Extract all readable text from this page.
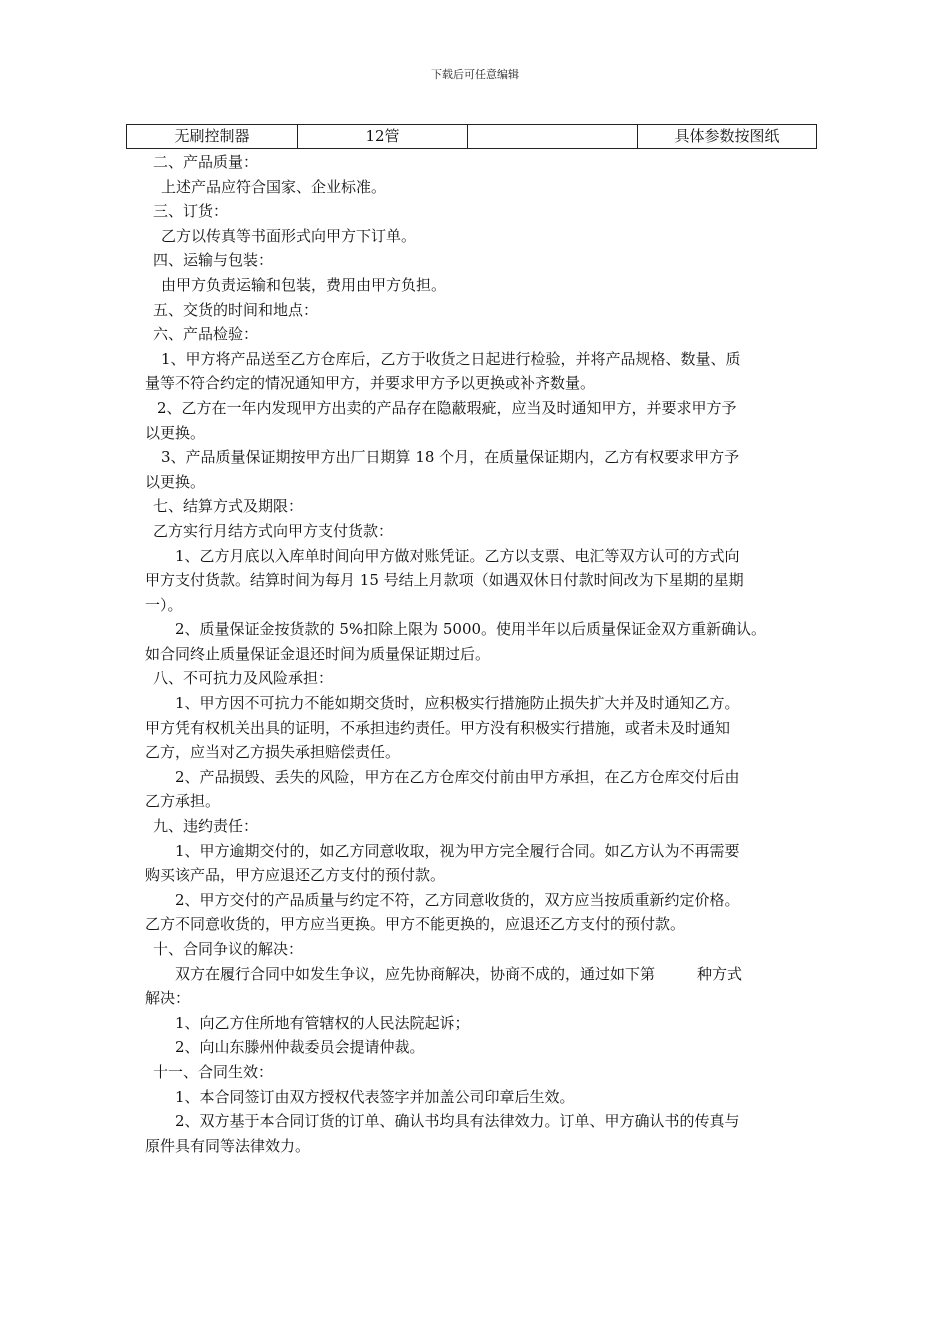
下载后可任意编辑
无刷控制器	12管		具体参数按图纸

二、产品质量：

上述产品应符合国家、企业标准。

三、订货：

乙方以传真等书面形式向甲方下订单。

四、运输与包装：

由甲方负责运输和包装，费用由甲方负担。

五、交货的时间和地点：

六、产品检验：

1、甲方将产品送至乙方仓库后，乙方于收货之日起进行检验，并将产品规格、数量、质

量等不符合约定的情况通知甲方，并要求甲方予以更换或补齐数量。

2、乙方在一年内发现甲方出卖的产品存在隐蔽瑕疵，应当及时通知甲方，并要求甲方予

以更换。

3、产品质量保证期按甲方出厂日期算 18 个月，在质量保证期内，乙方有权要求甲方予

以更换。

七、结算方式及期限：

乙方实行月结方式向甲方支付货款：

1、乙方月底以入库单时间向甲方做对账凭证。乙方以支票、电汇等双方认可的方式向

甲方支付货款。结算时间为每月 15 号结上月款项（如遇双休日付款时间改为下星期的星期

一）。

2、质量保证金按货款的 5%扣除上限为 5000。使用半年以后质量保证金双方重新确认。

如合同终止质量保证金退还时间为质量保证期过后。

八、不可抗力及风险承担：

1、甲方因不可抗力不能如期交货时，应积极实行措施防止损失扩大并及时通知乙方。

甲方凭有权机关出具的证明，不承担违约责任。甲方没有积极实行措施，或者未及时通知

乙方，应当对乙方损失承担赔偿责任。

2、产品损毁、丢失的风险，甲方在乙方仓库交付前由甲方承担，在乙方仓库交付后由

乙方承担。

九、违约责任：

1、甲方逾期交付的，如乙方同意收取，视为甲方完全履行合同。如乙方认为不再需要

购买该产品，甲方应退还乙方支付的预付款。

2、甲方交付的产品质量与约定不符，乙方同意收货的，双方应当按质重新约定价格。

乙方不同意收货的，甲方应当更换。甲方不能更换的，应退还乙方支付的预付款。

十、合同争议的解决：

双方在履行合同中如发生争议，应先协商解决，协商不成的，通过如下第	种方式

解决：

1、向乙方住所地有管辖权的人民法院起诉；

2、向山东滕州仲裁委员会提请仲裁。

十一、合同生效：

1、本合同签订由双方授权代表签字并加盖公司印章后生效。

2、双方基于本合同订货的订单、确认书均具有法律效力。订单、甲方确认书的传真与

原件具有同等法律效力。
